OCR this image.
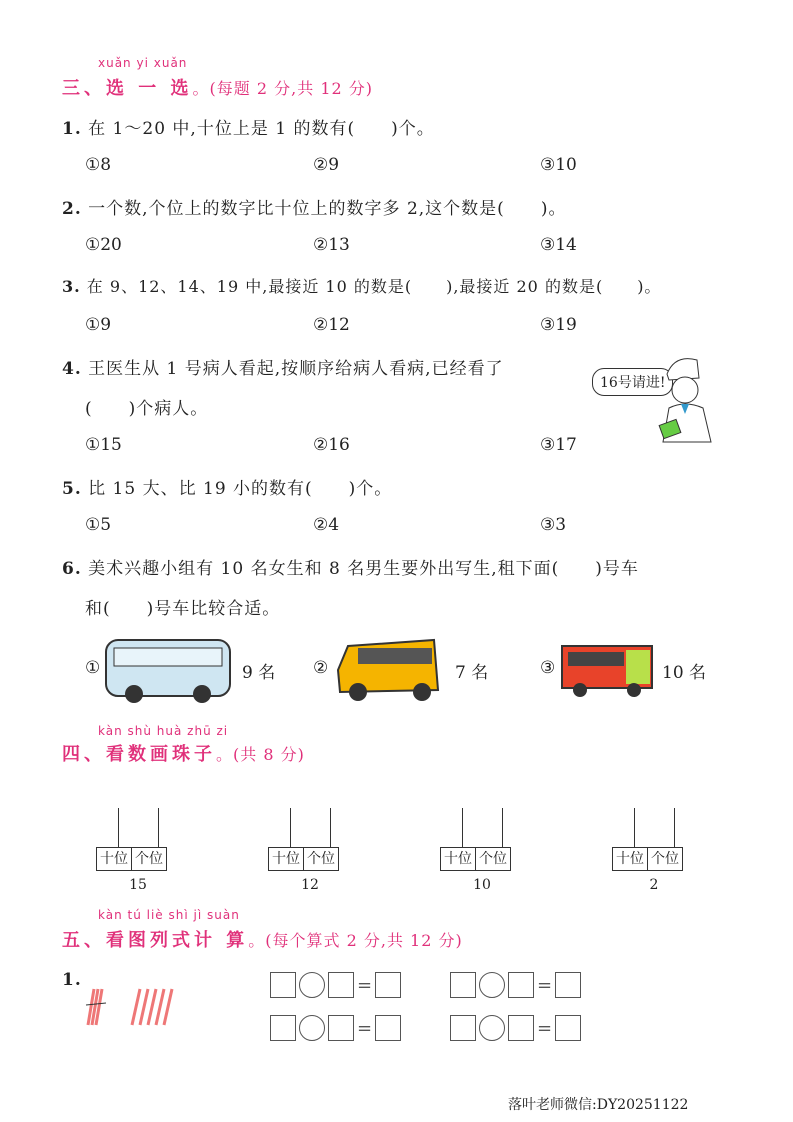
xuǎn yi xuǎn
三、选 一 选。(每题 2 分,共 12 分)
1. 在 1～20 中,十位上是 1 的数有(　　)个。
①8	②9	③10
2. 一个数,个位上的数字比十位上的数字多 2,这个数是(　　)。
①20	②13	③14
3. 在 9、12、14、19 中,最接近 10 的数是(　　),最接近 20 的数是(　　)。
①9	②12	③19
4. 王医生从 1 号病人看起,按顺序给病人看病,已经看了
(　　)个病人。
16号请进!
①15	②16	③17
5. 比 15 大、比 19 小的数有(　　)个。
①5	②4	③3
6. 美术兴趣小组有 10 名女生和 8 名男生要外出写生,租下面(　　)号车
和(　　)号车比较合适。
①	9 名 ②	7 名	③	10 名
kàn shù huà zhū zi
四、看数画珠子。(共 8 分)
kàn tú liè shì jì suàn
五、看图列式计 算。(每个算式 2 分,共 12 分)
1.
落叶老师微信:DY20251122
十位 个位
15
十位 个位
12
十位 个位
10
十位 个位
2
=	=
=	=
